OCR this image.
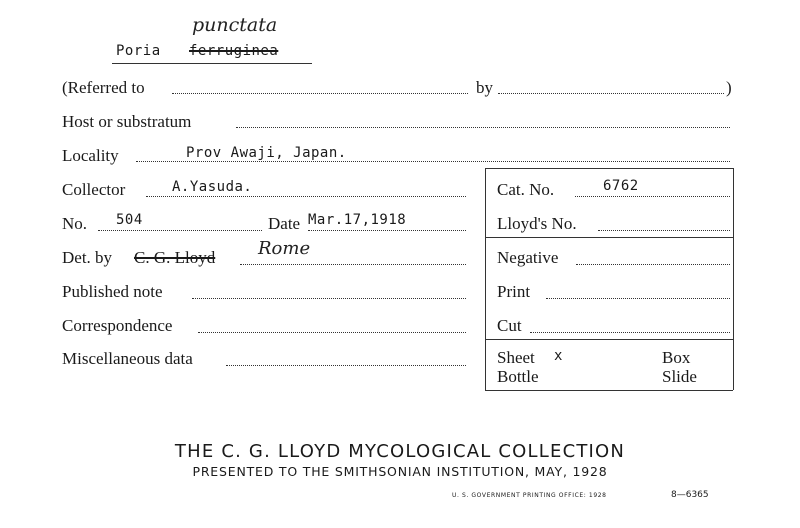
Poria ferruginea
punctata
(Referred to	by	)
Host or substratum
Locality	Prov Awaji, Japan.
Collector	A.Yasuda.	Cat. No.	6762
No. 504	Date Mar.17,1918	Lloyd's No.
Det. by C. G. Lloyd Rome	Negative
Published note	Print
Correspondence	Cut
Miscellaneous data	Sheet x	Box
Bottle	Slide
THE C. G. LLOYD MYCOLOGICAL COLLECTION
PRESENTED TO THE SMITHSONIAN INSTITUTION, MAY, 1928
U. S. GOVERNMENT PRINTING OFFICE: 1928	8—6365
